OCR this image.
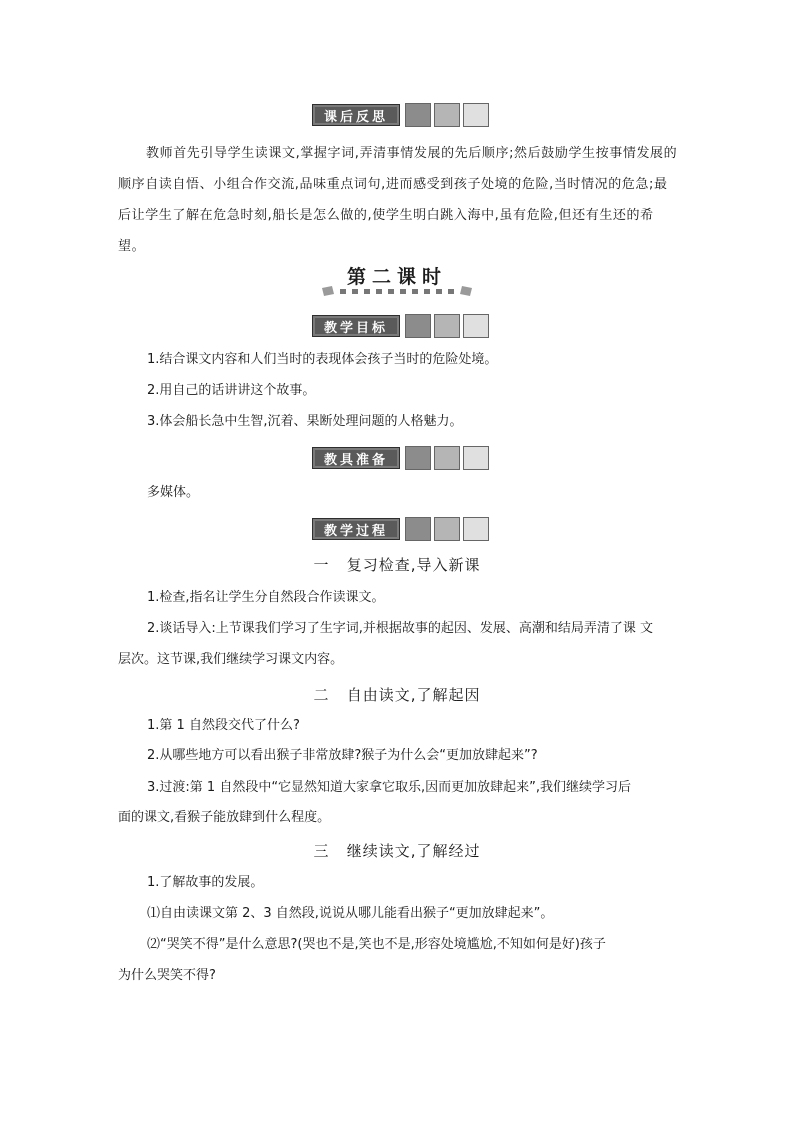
课后反思

教师首先引导学生读课文,掌握字词,弄清事情发展的先后顺序;然后鼓励学生按事情发展的顺序自读自悟、小组合作交流,品味重点词句,进而感受到孩子处境的危险,当时情况的危急;最后让学生了解在危急时刻,船长是怎么做的,使学生明白跳入海中,虽有危险,但还有生还的希望。

第二课时
教学目标

1.结合课文内容和人们当时的表现体会孩子当时的危险处境。

2.用自己的话讲讲这个故事。

3.体会船长急中生智,沉着、果断处理问题的人格魅力。

教具准备

多媒体。

教学过程

一   复习检查,导入新课

1.检查,指名让学生分自然段合作读课文。

2.谈话导入:上节课我们学习了生字词,并根据故事的起因、发展、高潮和结局弄清了课 文

层次。这节课,我们继续学习课文内容。

二   自由读文,了解起因

1.第 1 自然段交代了什么?

2.从哪些地方可以看出猴子非常放肆?猴子为什么会“更加放肆起来”?

3.过渡:第 1 自然段中“它显然知道大家拿它取乐,因而更加放肆起来”,我们继续学习后

面的课文,看猴子能放肆到什么程度。

三   继续读文,了解经过

1.了解故事的发展。

⑴自由读课文第 2、3 自然段,说说从哪儿能看出猴子“更加放肆起来”。

⑵“哭笑不得”是什么意思?(哭也不是,笑也不是,形容处境尴尬,不知如何是好)孩子

为什么哭笑不得?
